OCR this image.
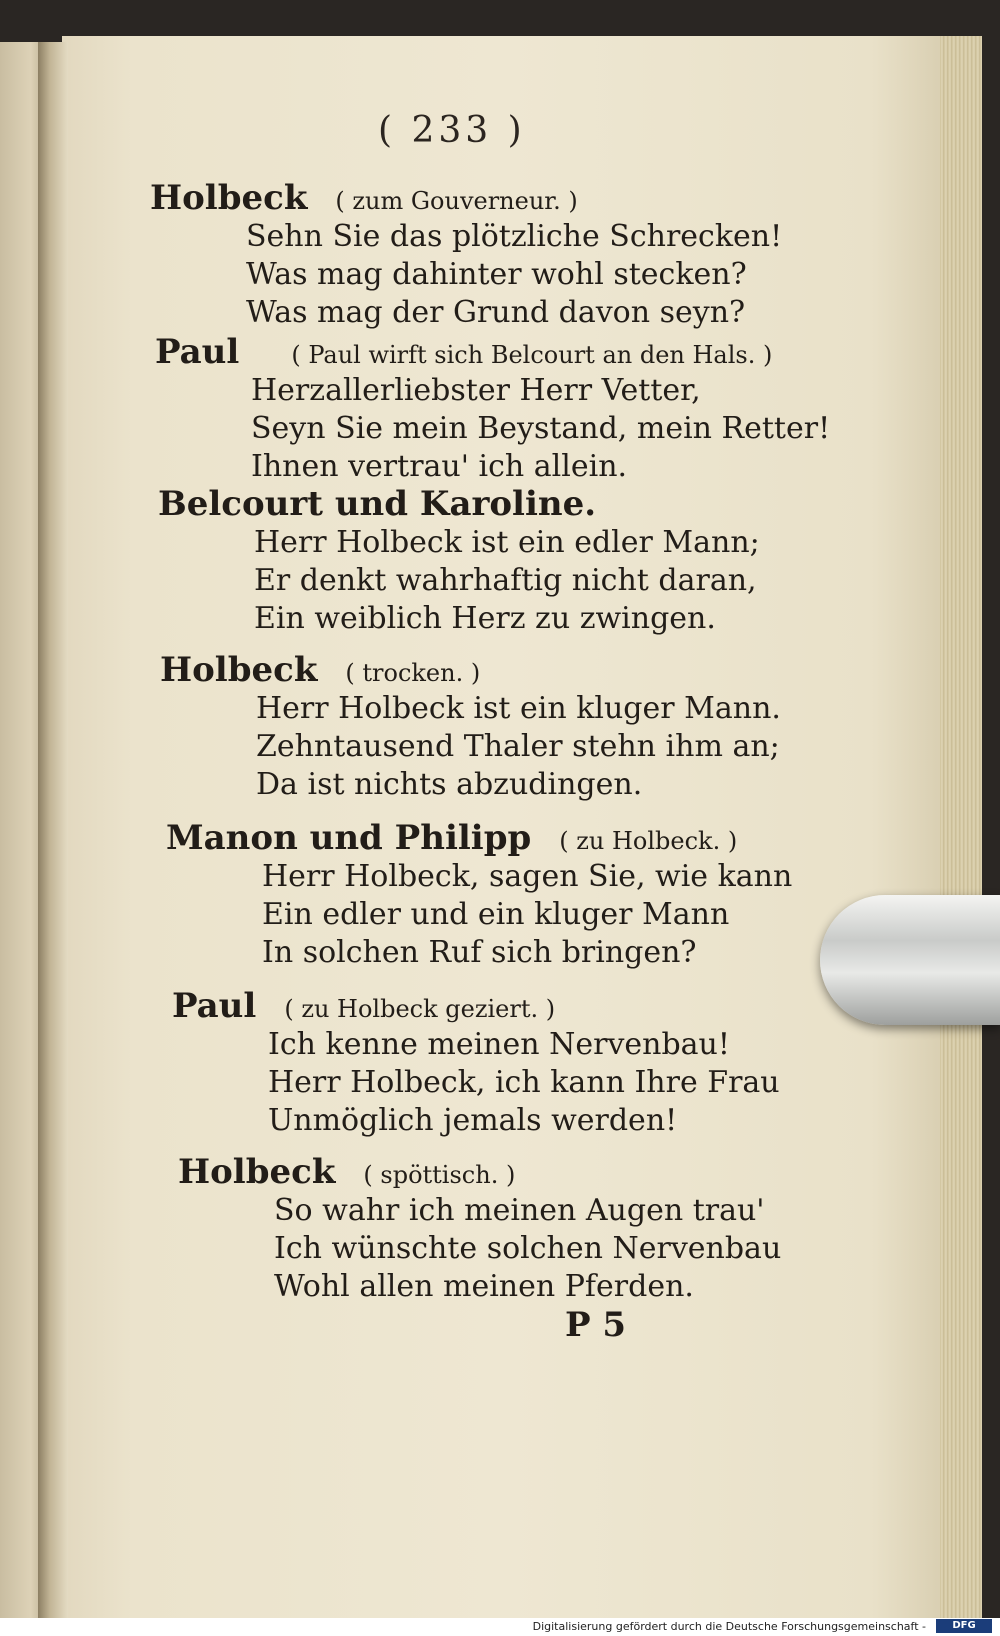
( 233 )
Holbeck ( zum Gouverneur. )
Sehn Sie das plötzliche Schrecken!
Was mag dahinter wohl stecken?
Was mag der Grund davon seyn?
Paul ( Paul wirft sich Belcourt an den Hals. )
Herzallerliebster Herr Vetter,
Seyn Sie mein Beystand, mein Retter!
Ihnen vertrau' ich allein.
Belcourt und Karoline.
Herr Holbeck ist ein edler Mann;
Er denkt wahrhaftig nicht daran,
Ein weiblich Herz zu zwingen.
Holbeck ( trocken. )
Herr Holbeck ist ein kluger Mann.
Zehntausend Thaler stehn ihm an;
Da ist nichts abzudingen.
Manon und Philipp ( zu Holbeck. )
Herr Holbeck, sagen Sie, wie kann
Ein edler und ein kluger Mann
In solchen Ruf sich bringen?
Paul ( zu Holbeck geziert. )
Ich kenne meinen Nervenbau!
Herr Holbeck, ich kann Ihre Frau
Unmöglich jemals werden!
Holbeck ( spöttisch. )
So wahr ich meinen Augen trau'
Ich wünschte solchen Nervenbau
Wohl allen meinen Pferden.
P 5
Digitalisierung gefördert durch die Deutsche Forschungsgemeinschaft -	DFG
